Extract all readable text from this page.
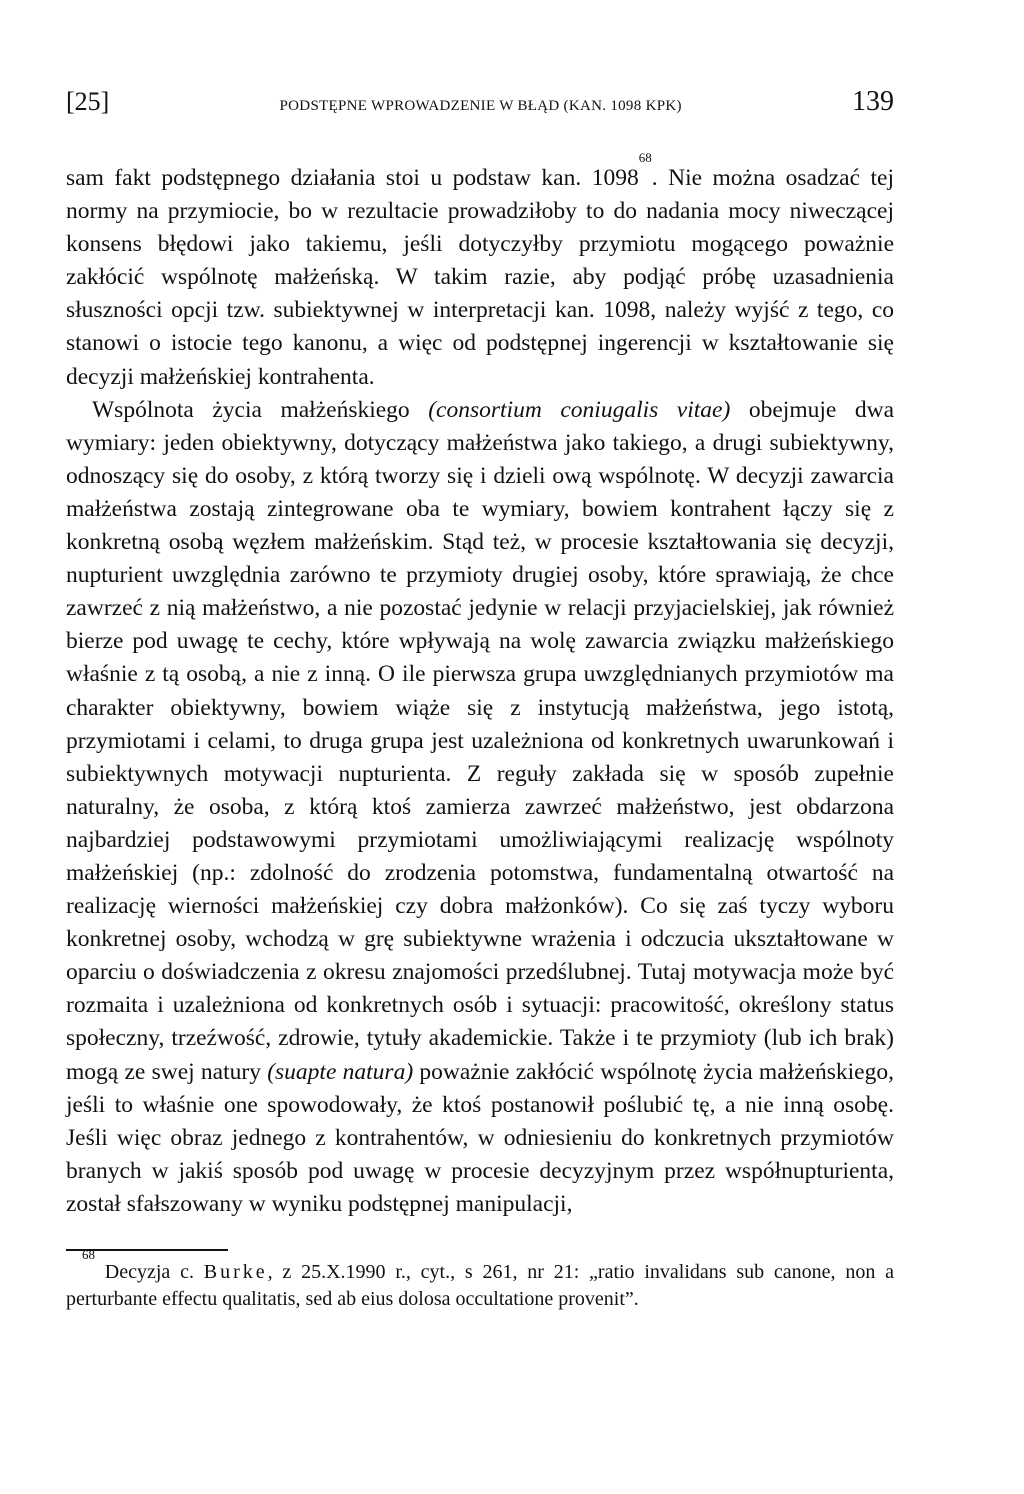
[25]	PODSTĘPNE WPROWADZENIE W BŁĄD (KAN. 1098 KPK)	139

sam fakt podstępnego działania stoi u podstaw kan. 1098$^{68}$. Nie można osadzać tej normy na przymiocie, bo w rezultacie prowadziłoby to do nadania mocy niweczącej konsens błędowi jako takiemu, jeśli dotyczyłby przymiotu mogącego poważnie zakłócić wspólnotę małżeńską. W takim razie, aby podjąć próbę uzasadnienia słuszności opcji tzw. subiektywnej w interpretacji kan. 1098, należy wyjść z tego, co stanowi o istocie tego kanonu, a więc od podstępnej ingerencji w kształtowanie się decyzji małżeńskiej kontrahenta.

Wspólnota życia małżeńskiego (consortium coniugalis vitae) obejmuje dwa wymiary: jeden obiektywny, dotyczący małżeństwa jako takiego, a drugi subiektywny, odnoszący się do osoby, z którą tworzy się i dzieli ową wspólnotę. W decyzji zawarcia małżeństwa zostają zintegrowane oba te wymiary, bowiem kontrahent łączy się z konkretną osobą węzłem małżeńskim. Stąd też, w procesie kształtowania się decyzji, nupturient uwzględnia zarówno te przymioty drugiej osoby, które sprawiają, że chce zawrzeć z nią małżeństwo, a nie pozostać jedynie w relacji przyjacielskiej, jak również bierze pod uwagę te cechy, które wpływają na wolę zawarcia związku małżeńskiego właśnie z tą osobą, a nie z inną. O ile pierwsza grupa uwzględnianych przymiotów ma charakter obiektywny, bowiem wiąże się z instytucją małżeństwa, jego istotą, przymiotami i celami, to druga grupa jest uzależniona od konkretnych uwarunkowań i subiektywnych motywacji nupturienta. Z reguły zakłada się w sposób zupełnie naturalny, że osoba, z którą ktoś zamierza zawrzeć małżeństwo, jest obdarzona najbardziej podstawowymi przymiotami umożliwiającymi realizację wspólnoty małżeńskiej (np.: zdolność do zrodzenia potomstwa, fundamentalną otwartość na realizację wierności małżeńskiej czy dobra małżonków). Co się zaś tyczy wyboru konkretnej osoby, wchodzą w grę subiektywne wrażenia i odczucia ukształtowane w oparciu o doświadczenia z okresu znajomości przedślubnej. Tutaj motywacja może być rozmaita i uzależniona od konkretnych osób i sytuacji: pracowitość, określony status społeczny, trzeźwość, zdrowie, tytuły akademickie. Także i te przymioty (lub ich brak) mogą ze swej natury (suapte natura) poważnie zakłócić wspólnotę życia małżeńskiego, jeśli to właśnie one spowodowały, że ktoś postanowił poślubić tę, a nie inną osobę. Jeśli więc obraz jednego z kontrahentów, w odniesieniu do konkretnych przymiotów branych w jakiś sposób pod uwagę w procesie decyzyjnym przez współnupturienta, został sfałszowany w wyniku podstępnej manipulacji,

$^{68}$ Decyzja c. Burke, z 25.X.1990 r., cyt., s 261, nr 21: „ratio invalidans sub canone, non a perturbante effectu qualitatis, sed ab eius dolosa occultatione provenit”.
